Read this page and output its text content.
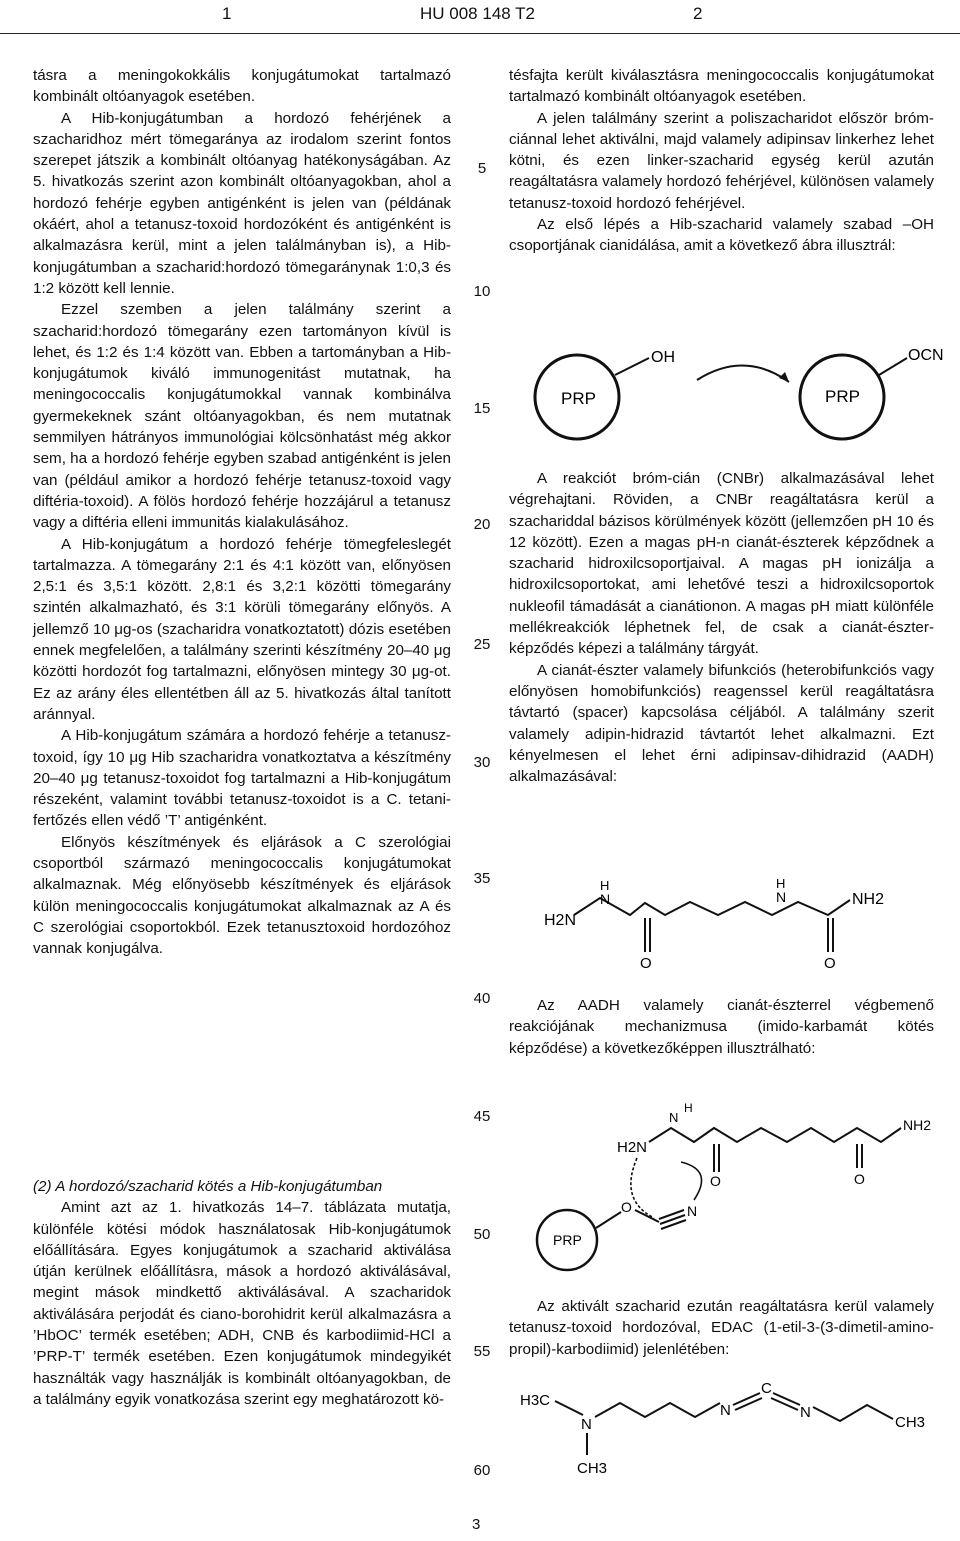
1	HU 008 148 T2	2

tásra a meningokokkális konjugátumokat tartalmazó kombinált oltóanyagok esetében.

A Hib-konjugátumban a hordozó fehérjének a szacharidhoz mért tömegaránya az irodalom szerint fontos szerepet játszik a kombinált oltóanyag hatékonyságában. Az 5. hivatkozás szerint azon kombinált oltóanyagokban, ahol a hordozó fehérje egyben antigénként is jelen van (példának okáért, ahol a tetanusz-toxoid hordozóként és antigénként is alkalmazásra kerül, mint a jelen találmányban is), a Hib-konjugátumban a szacharid:hordozó tömegaránynak 1:0,3 és 1:2 között kell lennie.

Ezzel szemben a jelen találmány szerint a szacharid:hordozó tömegarány ezen tartományon kívül is lehet, és 1:2 és 1:4 között van. Ebben a tartományban a Hib-konjugátumok kiváló immunogenitást mutatnak, ha meningococcalis konjugátumokkal vannak kombinálva gyermekeknek szánt oltóanyagokban, és nem mutatnak semmilyen hátrányos immunológiai kölcsönhatást még akkor sem, ha a hordozó fehérje egyben szabad antigénként is jelen van (például amikor a hordozó fehérje tetanusz-toxoid vagy diftéria-toxoid). A fölös hordozó fehérje hozzájárul a tetanusz vagy a diftéria elleni immunitás kialakulásához.

A Hib-konjugátum a hordozó fehérje tömegfeleslegét tartalmazza. A tömegarány 2:1 és 4:1 között van, előnyösen 2,5:1 és 3,5:1 között. 2,8:1 és 3,2:1 közötti tömegarány szintén alkalmazható, és 3:1 körüli tömegarány előnyös. A jellemző 10 μg-os (szacharidra vonatkoztatott) dózis esetében ennek megfelelően, a találmány szerinti készítmény 20–40 μg közötti hordozót fog tartalmazni, előnyösen mintegy 30 μg-ot. Ez az arány éles ellentétben áll az 5. hivatkozás által tanított aránnyal.

A Hib-konjugátum számára a hordozó fehérje a tetanusz-toxoid, így 10 μg Hib szacharidra vonatkoztatva a készítmény 20–40 μg tetanusz-toxoidot fog tartalmazni a Hib-konjugátum részeként, valamint további tetanusz-toxoidot is a C. tetani-fertőzés ellen védő ’T’ antigénként.

Előnyös készítmények és eljárások a C szerológiai csoportból származó meningococcalis konjugátumokat alkalmaznak. Még előnyösebb készítmények és eljárások külön meningococcalis konjugátumokat alkalmaznak az A és C szerológiai csoportokból. Ezek tetanusztoxoid hordozóhoz vannak konjugálva.

(2) A hordozó/szacharid kötés a Hib-konjugátumban

Amint azt az 1. hivatkozás 14–7. táblázata mutatja, különféle kötési módok használatosak Hib-konjugátumok előállítására. Egyes konjugátumok a szacharid aktiválása útján kerülnek előállításra, mások a hordozó aktiválásával, megint mások mindkettő aktiválásával. A szacharidok aktiválására perjodát és ciano-borohidrit kerül alkalmazásra a ’HbOC’ termék esetében; ADH, CNB és karbodiimid-HCl a ’PRP-T’ termék esetében. Ezen konjugátumok mindegyikét használták vagy használják is kombinált oltóanyagokban, de a találmány egyik vonatkozása szerint egy meghatározott kö-

tésfajta került kiválasztásra meningococcalis konjugátumokat tartalmazó kombinált oltóanyagok esetében.

A jelen találmány szerint a poliszacharidot először bróm-ciánnal lehet aktiválni, majd valamely adipinsav linkerhez lehet kötni, és ezen linker-szacharid egység kerül azután reagáltatásra valamely hordozó fehérjével, különösen valamely tetanusz-toxoid hordozó fehérjével.

Az első lépés a Hib-szacharid valamely szabad –OH csoportjának cianidálása, amit a következő ábra illusztrál:

PRP
OH
PRP
OCN

A reakciót bróm-cián (CNBr) alkalmazásával lehet végrehajtani. Röviden, a CNBr reagáltatásra kerül a szachariddal bázisos körülmények között (jellemzően pH 10 és 12 között). Ezen a magas pH-n cianát-észterek képződnek a szacharid hidroxilcsoportjaival. A magas pH ionizálja a hidroxilcsoportokat, ami lehetővé teszi a hidroxilcsoportok nukleofil támadását a cianátionon. A magas pH miatt különféle mellékreakciók léphetnek fel, de csak a cianát-észter-képződés képezi a találmány tárgyát.

A cianát-észter valamely bifunkciós (heterobifunkciós vagy előnyösen homobifunkciós) reagenssel kerül reagáltatásra távtartó (spacer) kapcsolása céljából. A találmány szerit valamely adipin-hidrazid távtartót lehet alkalmazni. Ezt kényelmesen el lehet érni adipinsav-dihidrazid (AADH) alkalmazásával:

H2N
H
N
O
N
H
O
NH2

Az AADH valamely cianát-észterrel végbemenő reakciójának mechanizmusa (imido-karbamát kötés képződése) a következőképpen illusztrálható:

H2N
N
H
O	O
NH2
PRP
O	N

Az aktivált szacharid ezután reagáltatásra kerül valamely tetanusz-toxoid hordozóval, EDAC (1-etil-3-(3-dimetil-amino-propil)-karbodiimid) jelenlétében:

H3C
N
CH3
N
C
N
CH3
5
10
15
20
25
30
35
40
45
50
55
60
3
